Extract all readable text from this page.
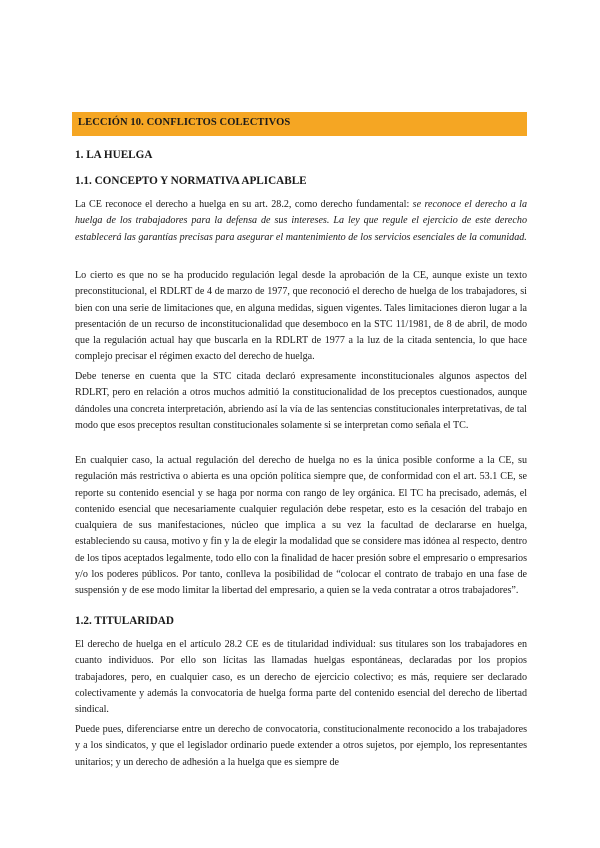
LECCIÓN 10. CONFLICTOS COLECTIVOS
1. LA HUELGA
1.1. CONCEPTO Y NORMATIVA APLICABLE

La CE reconoce el derecho a huelga en su art. 28.2, como derecho fundamental: se reconoce el derecho a la huelga de los trabajadores para la defensa de sus intereses. La ley que regule el ejercicio de este derecho establecerá las garantías precisas para asegurar el mantenimiento de los servicios esenciales de la comunidad.

Lo cierto es que no se ha producido regulación legal desde la aprobación de la CE, aunque existe un texto preconstitucional, el RDLRT de 4 de marzo de 1977, que reconoció el derecho de huelga de los trabajadores, si bien con una serie de limitaciones que, en alguna medidas, siguen vigentes. Tales limitaciones dieron lugar a la presentación de un recurso de inconstitucionalidad que desemboco en la STC 11/1981, de 8 de abril, de modo que la regulación actual hay que buscarla en la RDLRT de 1977 a la luz de la citada sentencia, lo que hace complejo precisar el régimen exacto del derecho de huelga.

Debe tenerse en cuenta que la STC citada declaró expresamente inconstitucionales algunos aspectos del RDLRT, pero en relación a otros muchos admitió la constitucionalidad de los preceptos cuestionados, aunque dándoles una concreta interpretación, abriendo así la vía de las sentencias constitucionales interpretativas, de tal modo que esos preceptos resultan constitucionales solamente si se interpretan como señala el TC.

En cualquier caso, la actual regulación del derecho de huelga no es la única posible conforme a la CE, su regulación más restrictiva o abierta es una opción política siempre que, de conformidad con el art. 53.1 CE, se reporte su contenido esencial y se haga por norma con rango de ley orgánica. El TC ha precisado, además, el contenido esencial que necesariamente cualquier regulación debe respetar, esto es la cesación del trabajo en cualquiera de sus manifestaciones, núcleo que implica a su vez la facultad de declararse en huelga, estableciendo su causa, motivo y fin y la de elegir la modalidad que se considere mas idónea al respecto, dentro de los tipos aceptados legalmente, todo ello con la finalidad de hacer presión sobre el empresario o empresarios y/o los poderes públicos. Por tanto, conlleva la posibilidad de “colocar el contrato de trabajo en una fase de suspensión y de ese modo limitar la libertad del empresario, a quien se la veda contratar a otros trabajadores”.

1.2. TITULARIDAD

El derecho de huelga en el artículo 28.2 CE es de titularidad individual: sus titulares son los trabajadores en cuanto individuos. Por ello son lícitas las llamadas huelgas espontáneas, declaradas por los propios trabajadores, pero, en cualquier caso, es un derecho de ejercicio colectivo; es más, requiere ser declarado colectivamente y además la convocatoria de huelga forma parte del contenido esencial del derecho de libertad sindical.

Puede pues, diferenciarse entre un derecho de convocatoria, constitucionalmente reconocido a los trabajadores y a los sindicatos, y que el legislador ordinario puede extender a otros sujetos, por ejemplo, los representantes unitarios; y un derecho de adhesión a la huelga que es siempre de
